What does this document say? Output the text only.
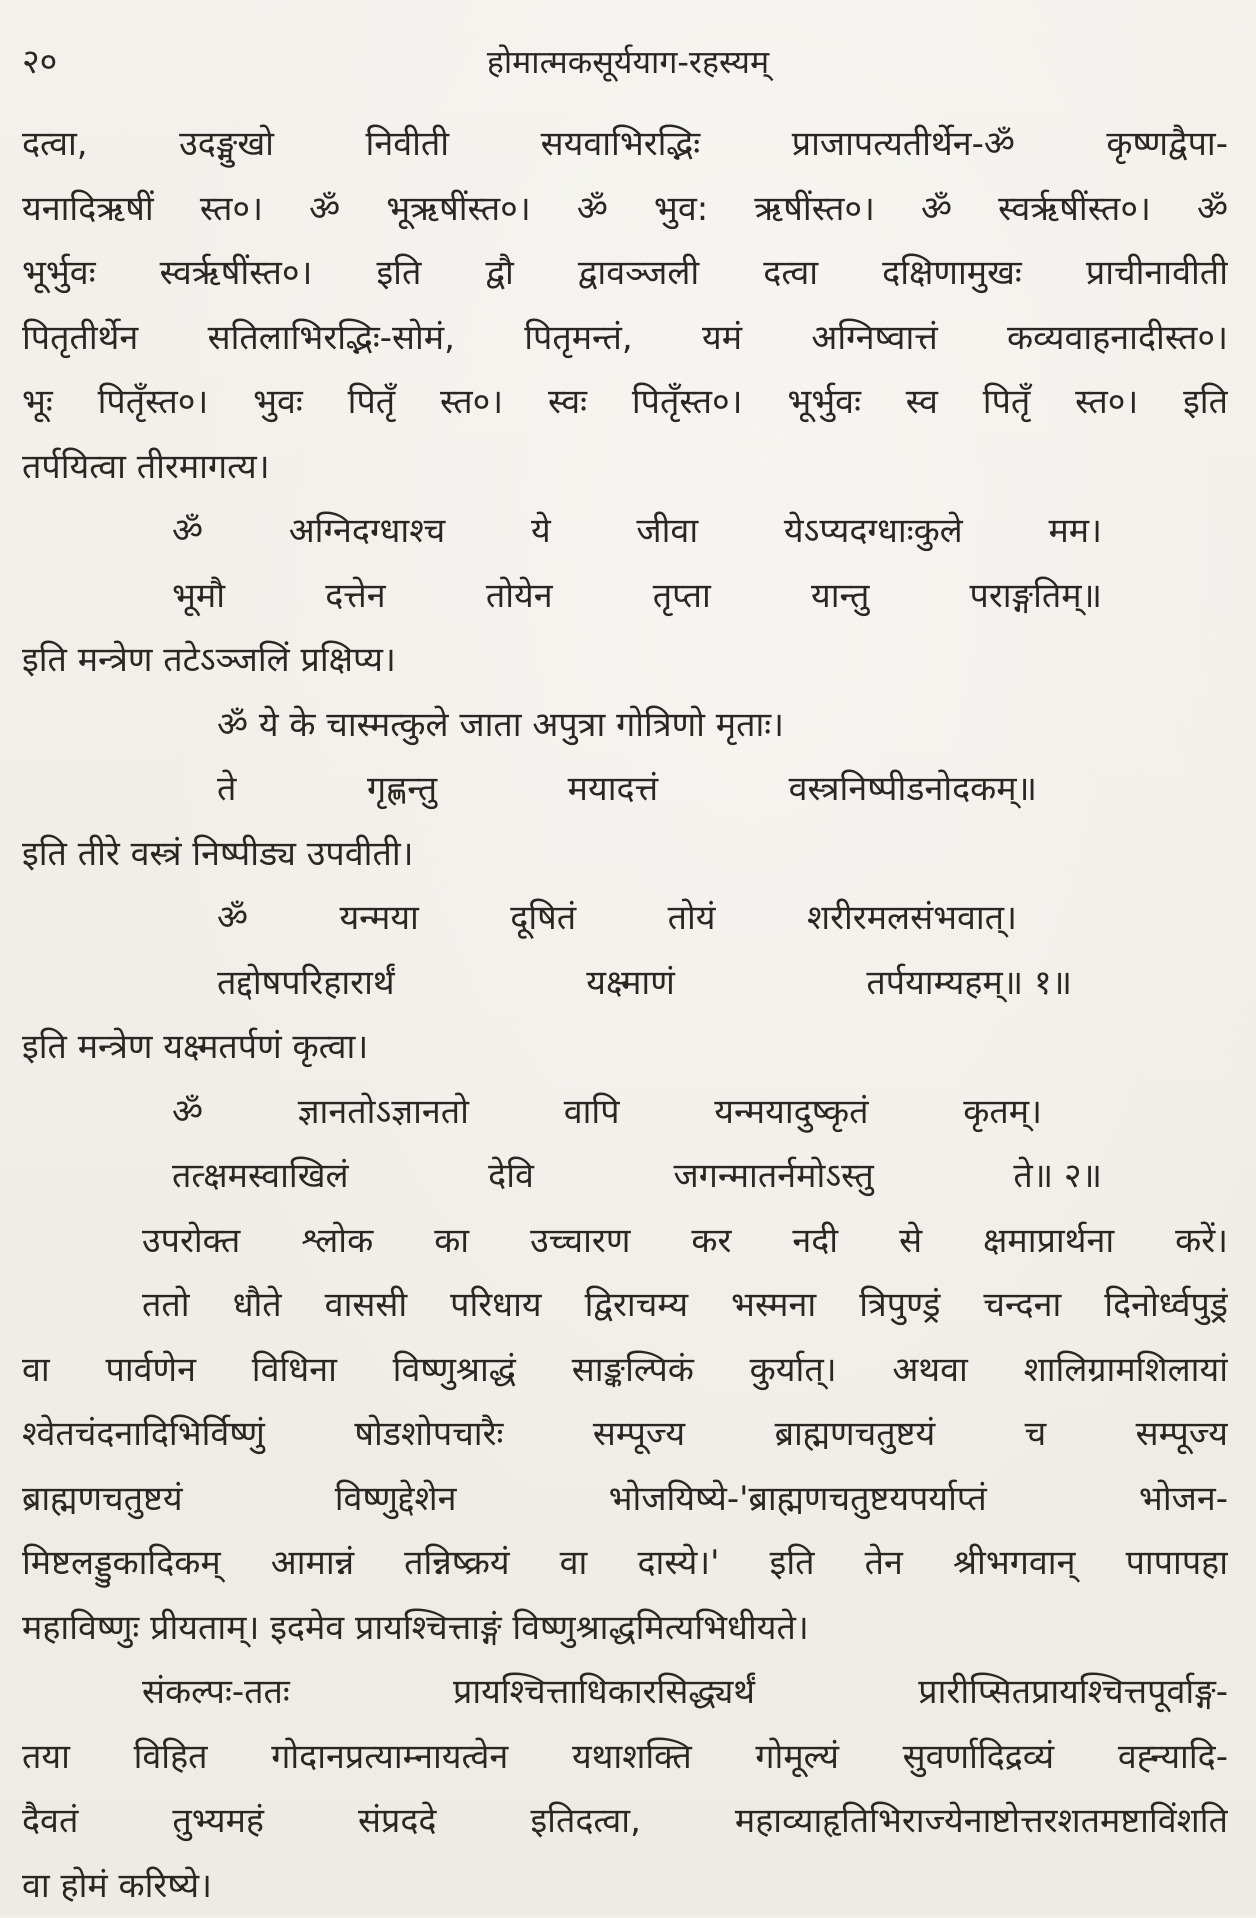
२०	होमात्मकसूर्ययाग-रहस्यम्
दत्वा, उदङ्मुखो निवीती सयवाभिरद्भिः प्राजापत्यतीर्थेन-ॐ कृष्णद्वैपा-
यनादिऋषीं स्त०। ॐ भूऋषींस्त०। ॐ भुव: ऋषींस्त०। ॐ स्वर्ऋषींस्त०। ॐ
भूर्भुवः स्वर्ऋषींस्त०। इति द्वौ द्वावञ्जली दत्वा दक्षिणामुखः प्राचीनावीती
पितृतीर्थेन सतिलाभिरद्भिः-सोमं, पितृमन्तं, यमं अग्निष्वात्तं कव्यवाहनादीस्त०।
भूः पितृँस्त०। भुवः पितृँ स्त०। स्वः पितृँस्त०। भूर्भुवः स्व पितृँ स्त०। इति
तर्पयित्वा तीरमागत्य।
ॐ	अग्निदग्धाश्च	ये	जीवा	येऽप्यदग्धाःकुले	मम।
भूमौ	दत्तेन	तोयेन	तृप्ता	यान्तु	पराङ्गतिम्॥
इति मन्त्रेण तटेऽञ्जलिं प्रक्षिप्य।
ॐ ये के चास्मत्कुले जाता अपुत्रा गोत्रिणो मृताः।
ते	गृह्णन्तु	मयादत्तं	वस्त्रनिष्पीडनोदकम्॥
इति तीरे वस्त्रं निष्पीड्य उपवीती।
ॐ	यन्मया	दूषितं	तोयं	शरीरमलसंभवात्।
तद्दोषपरिहारार्थं	यक्ष्माणं	तर्पयाम्यहम्॥ १॥
इति मन्त्रेण यक्ष्मतर्पणं कृत्वा।
ॐ	ज्ञानतोऽज्ञानतो	वापि	यन्मयादुष्कृतं	कृतम्।
तत्क्षमस्वाखिलं	देवि	जगन्मातर्नमोऽस्तु	ते॥ २॥
उपरोक्त श्लोक का उच्चारण कर नदी से क्षमाप्रार्थना करें।
ततो धौते वाससी परिधाय द्विराचम्य भस्मना त्रिपुण्ड्रं चन्दना दिनोर्ध्वपुड्रं
वा पार्वणेन विधिना विष्णुश्राद्धं साङ्कल्पिकं कुर्यात्। अथवा शालिग्रामशिलायां
श्वेतचंदनादिभिर्विष्णुं षोडशोपचारैः सम्पूज्य ब्राह्मणचतुष्टयं च सम्पूज्य
ब्राह्मणचतुष्टयं विष्णुद्देशेन भोजयिष्ये-'ब्राह्मणचतुष्टयपर्याप्तं भोजन-
मिष्टलड्डुकादिकम् आमान्नं तन्निष्क्रयं वा दास्ये।' इति तेन श्रीभगवान् पापापहा
महाविष्णुः प्रीयताम्। इदमेव प्रायश्चित्ताङ्गं विष्णुश्राद्धमित्यभिधीयते।
संकल्पः-ततः प्रायश्चित्ताधिकारसिद्ध्यर्थं प्रारीप्सितप्रायश्चित्तपूर्वाङ्ग-
तया विहित गोदानप्रत्याम्नायत्वेन यथाशक्ति गोमूल्यं सुवर्णादिद्रव्यं वह्न्यादि-
दैवतं तुभ्यमहं संप्रददे इतिदत्वा, महाव्याहृतिभिराज्येनाष्टोत्तरशतमष्टाविंशति
वा होमं करिष्ये।
